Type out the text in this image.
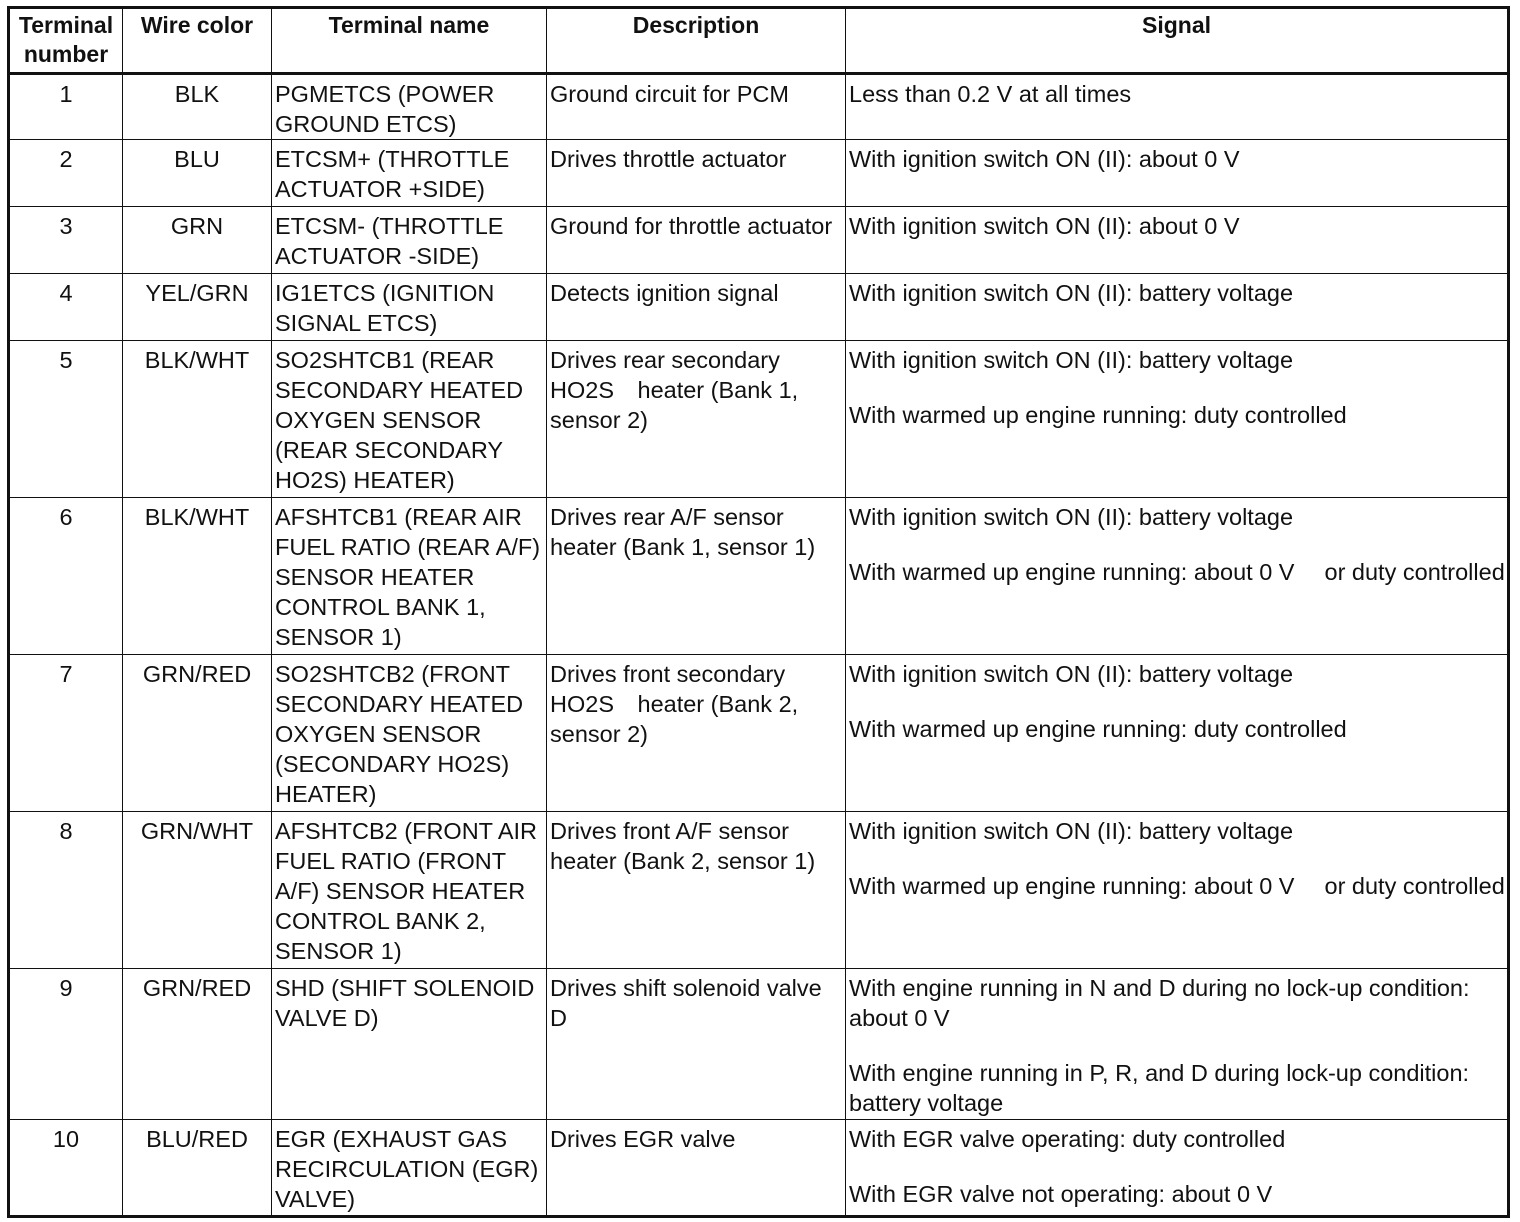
Terminal number	Wire color	Terminal name	Description	Signal
1	BLK	PGMETCS (POWER GROUND ETCS)	Ground circuit for PCM	Less than 0.2 V at all times

2	BLU	ETCSM+ (THROTTLE ACTUATOR +SIDE)	Drives throttle actuator	With ignition switch ON (II): about 0 V

3	GRN	ETCSM- (THROTTLE ACTUATOR -SIDE)	Ground for throttle actuator	With ignition switch ON (II): about 0 V

4	YEL/GRN	IG1ETCS (IGNITION SIGNAL ETCS)	Detects ignition signal	With ignition switch ON (II): battery voltage

5	BLK/WHT	SO2SHTCB1 (REAR SECONDARY HEATED OXYGEN SENSOR (REAR SECONDARY HO2S) HEATER)	Drives rear secondary HO2S heater (Bank 1, sensor 2)	With ignition switch ON (II): battery voltage
With warmed up engine running: duty controlled

6	BLK/WHT	AFSHTCB1 (REAR AIR FUEL RATIO (REAR A/F) SENSOR HEATER CONTROL BANK 1, SENSOR 1)	Drives rear A/F sensor heater (Bank 1, sensor 1)	With ignition switch ON (II): battery voltage
With warmed up engine running: about 0 V  or duty controlled

7	GRN/RED	SO2SHTCB2 (FRONT SECONDARY HEATED OXYGEN SENSOR (SECONDARY HO2S) HEATER)	Drives front secondary HO2S heater (Bank 2, sensor 2)	With ignition switch ON (II): battery voltage
With warmed up engine running: duty controlled

8	GRN/WHT	AFSHTCB2 (FRONT AIR FUEL RATIO (FRONT A/F) SENSOR HEATER CONTROL BANK 2, SENSOR 1)	Drives front A/F sensor heater (Bank 2, sensor 1)	With ignition switch ON (II): battery voltage
With warmed up engine running: about 0 V  or duty controlled

9	GRN/RED	SHD (SHIFT SOLENOID VALVE D)	Drives shift solenoid valve D	With engine running in N and D during no lock-up condition: about 0 V
With engine running in P, R, and D during lock-up condition: battery voltage

10	BLU/RED	EGR (EXHAUST GAS RECIRCULATION (EGR) VALVE)	Drives EGR valve	With EGR valve operating: duty controlled
With EGR valve not operating: about 0 V
